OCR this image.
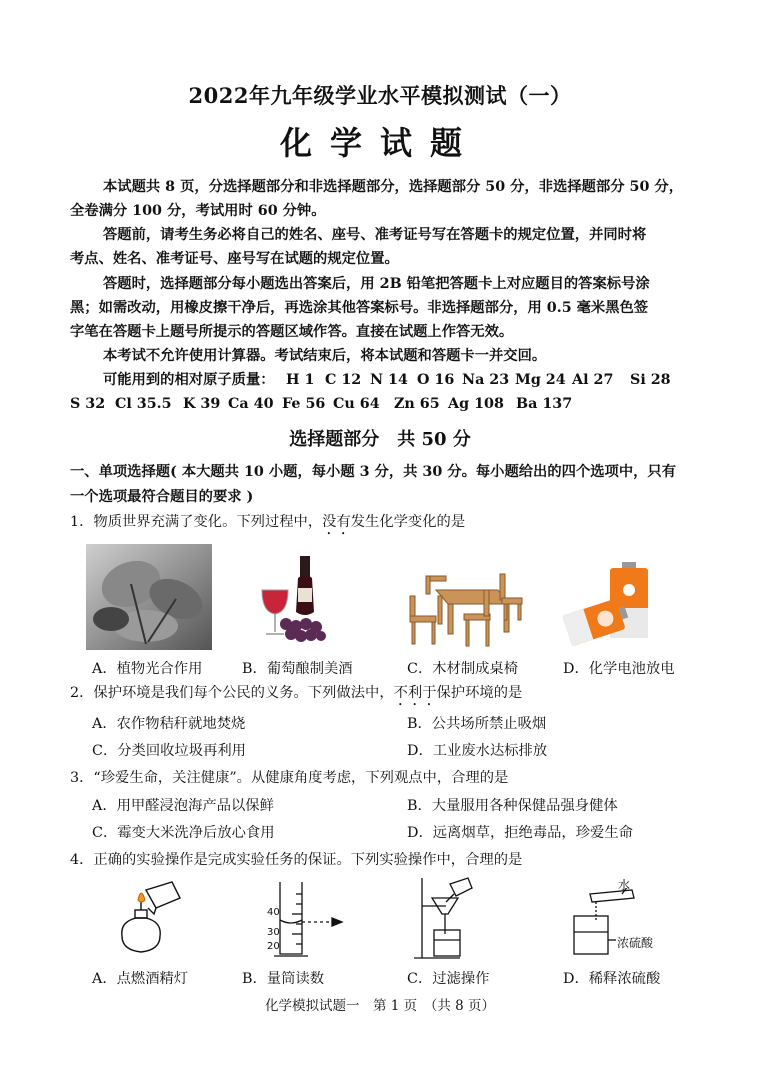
2022年九年级学业水平模拟测试（一）
化学试题
本试题共 8 页，分选择题部分和非选择题部分，选择题部分 50 分，非选择题部分 50 分，
全卷满分 100 分，考试用时 60 分钟。
答题前，请考生务必将自己的姓名、座号、准考证号写在答题卡的规定位置，并同时将
考点、姓名、准考证号、座号写在试题的规定位置。
答题时，选择题部分每小题选出答案后，用 2B 铅笔把答题卡上对应题目的答案标号涂
黑；如需改动，用橡皮擦干净后，再选涂其他答案标号。非选择题部分，用 0.5 毫米黑色签
字笔在答题卡上题号所提示的答题区域作答。直接在试题上作答无效。
本考试不允许使用计算器。考试结束后，将本试题和答题卡一并交回。
可能用到的相对原子质量： H 1 C 12 N 14 O 16 Na 23 Mg 24 Al 27 Si 28
S 32 Cl 35.5 K 39 Ca 40 Fe 56 Cu 64 Zn 65 Ag 108 Ba 137
选择题部分　共 50 分
一、单项选择题( 本大题共 10 小题，每小题 3 分，共 30 分。每小题给出的四个选项中，只有
一个选项最符合题目的要求 )
1．物质世界充满了变化。下列过程中，没有发生化学变化的是
A．植物光合作用	B．葡萄酿制美酒	C．木材制成桌椅	D．化学电池放电
2．保护环境是我们每个公民的义务。下列做法中，不利于保护环境的是
A．农作物秸秆就地焚烧	B．公共场所禁止吸烟
C．分类回收垃圾再利用	D．工业废水达标排放
3．“珍爱生命，关注健康”。从健康角度考虑，下列观点中，合理的是
A．用甲醛浸泡海产品以保鲜	B．大量服用各种保健品强身健体
C．霉变大米洗净后放心食用	D．远离烟草，拒绝毒品，珍爱生命
4．正确的实验操作是完成实验任务的保证。下列实验操作中，合理的是
40
30
20
水
浓硫酸
A．点燃酒精灯	B．量筒读数	C．过滤操作	D．稀释浓硫酸
化学模拟试题一　第 1 页　（共 8 页）
